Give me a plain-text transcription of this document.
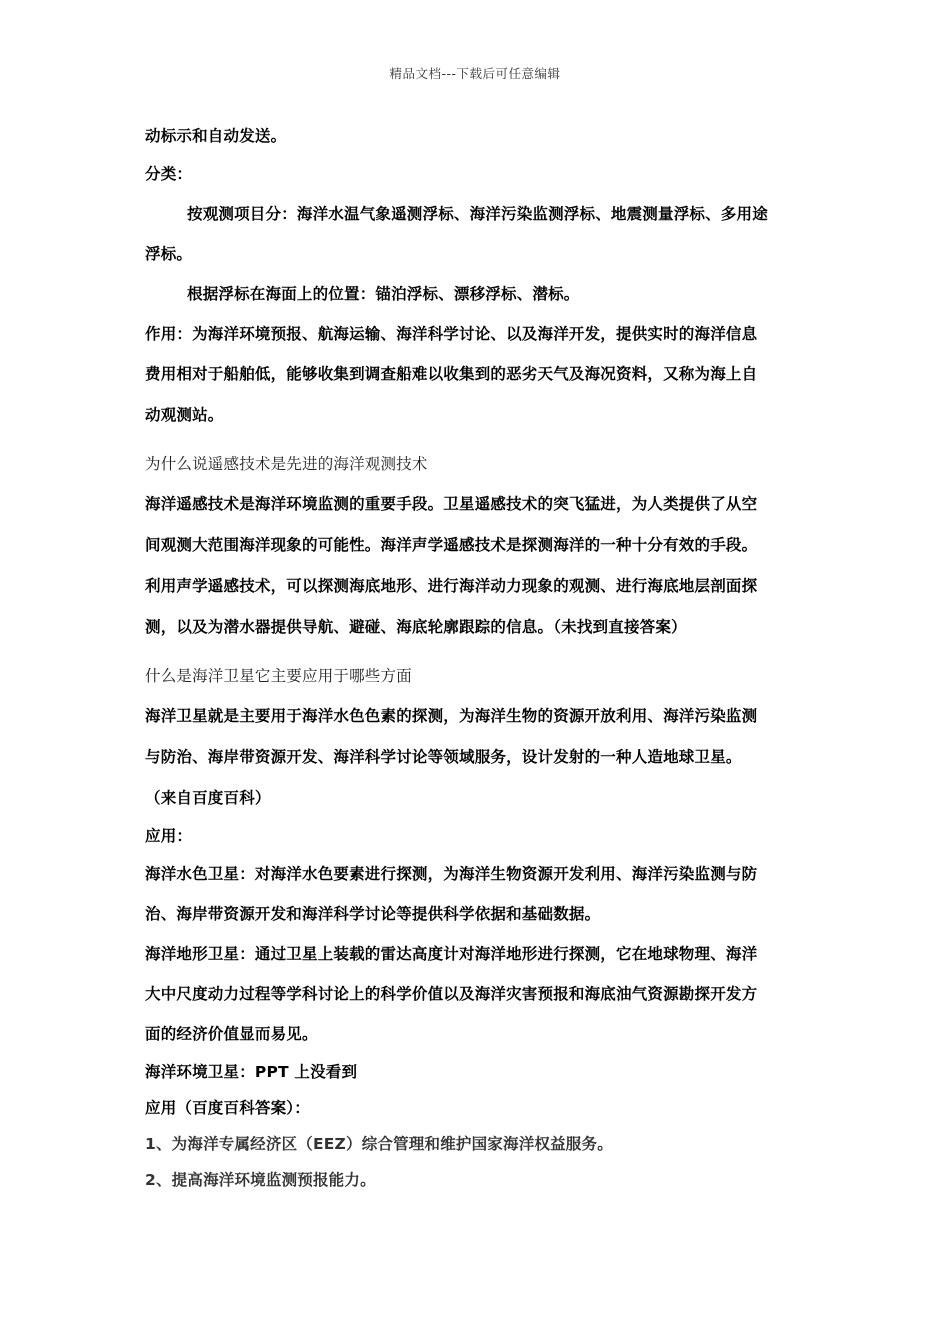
精品文档---下载后可任意编辑

动标示和自动发送。

分类：

按观测项目分：海洋水温气象遥测浮标、海洋污染监测浮标、地震测量浮标、多用途

浮标。

根据浮标在海面上的位置：锚泊浮标、漂移浮标、潜标。

作用：为海洋环境预报、航海运输、海洋科学讨论、以及海洋开发，提供实时的海洋信息

费用相对于船舶低，能够收集到调查船难以收集到的恶劣天气及海况资料，又称为海上自

动观测站。

为什么说遥感技术是先进的海洋观测技术

海洋遥感技术是海洋环境监测的重要手段。卫星遥感技术的突飞猛进，为人类提供了从空

间观测大范围海洋现象的可能性。海洋声学遥感技术是探测海洋的一种十分有效的手段。

利用声学遥感技术，可以探测海底地形、进行海洋动力现象的观测、进行海底地层剖面探

测，以及为潜水器提供导航、避碰、海底轮廓跟踪的信息。（未找到直接答案）

什么是海洋卫星它主要应用于哪些方面

海洋卫星就是主要用于海洋水色色素的探测，为海洋生物的资源开放利用、海洋污染监测

与防治、海岸带资源开发、海洋科学讨论等领域服务，设计发射的一种人造地球卫星。

（来自百度百科）

应用：

海洋水色卫星：对海洋水色要素进行探测，为海洋生物资源开发利用、海洋污染监测与防

治、海岸带资源开发和海洋科学讨论等提供科学依据和基础数据。

海洋地形卫星：通过卫星上装载的雷达高度计对海洋地形进行探测，它在地球物理、海洋

大中尺度动力过程等学科讨论上的科学价值以及海洋灾害预报和海底油气资源勘探开发方

面的经济价值显而易见。

海洋环境卫星：PPT 上没看到

应用（百度百科答案）：

1、为海洋专属经济区（EEZ）综合管理和维护国家海洋权益服务。

2、提高海洋环境监测预报能力。
